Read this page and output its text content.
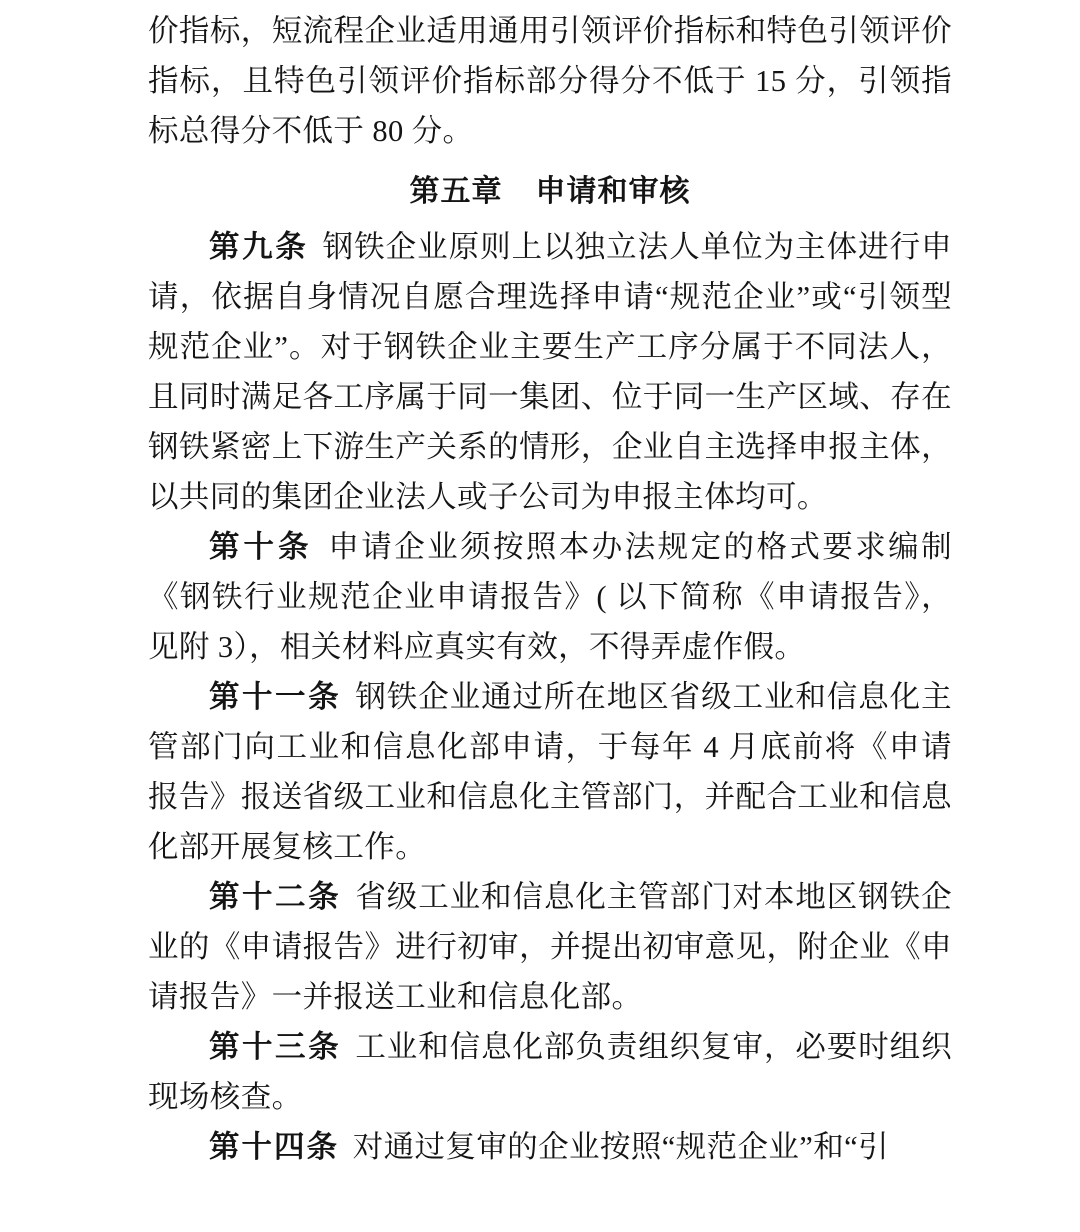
价指标，短流程企业适用通用引领评价指标和特色引领评价指标，且特色引领评价指标部分得分不低于 15 分，引领指标总得分不低于 80 分。

第五章 申请和审核

第九条 钢铁企业原则上以独立法人单位为主体进行申请，依据自身情况自愿合理选择申请“规范企业”或“引领型规范企业”。对于钢铁企业主要生产工序分属于不同法人，且同时满足各工序属于同一集团、位于同一生产区域、存在钢铁紧密上下游生产关系的情形，企业自主选择申报主体，以共同的集团企业法人或子公司为申报主体均可。

第十条 申请企业须按照本办法规定的格式要求编制《钢铁行业规范企业申请报告》( 以下简称《申请报告》，见附 3），相关材料应真实有效，不得弄虚作假。

第十一条 钢铁企业通过所在地区省级工业和信息化主管部门向工业和信息化部申请，于每年 4 月底前将《申请报告》报送省级工业和信息化主管部门，并配合工业和信息化部开展复核工作。

第十二条 省级工业和信息化主管部门对本地区钢铁企业的《申请报告》进行初审，并提出初审意见，附企业《申请报告》一并报送工业和信息化部。

第十三条 工业和信息化部负责组织复审，必要时组织现场核查。

第十四条 对通过复审的企业按照“规范企业”和“引
